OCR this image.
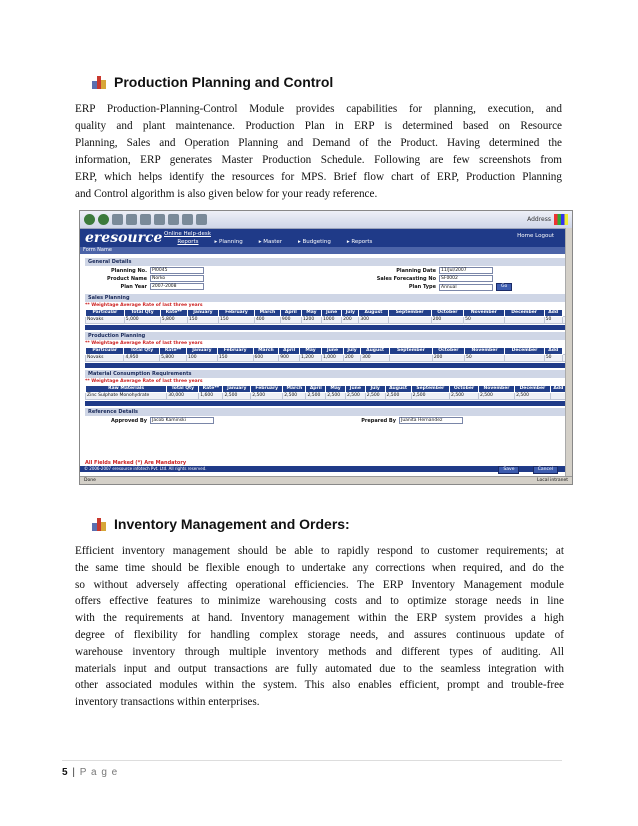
Production Planning and Control
ERP Production-Planning-Control Module provides capabilities for planning, execution, and
quality and plant maintenance. Production Plan in ERP is determined based on Resource
Planning, Sales and Operation Planning and Demand of the Product. Having determined the
information, ERP generates Master Production Schedule. Following are few screenshots from
ERP, which helps identify the resources for MPS. Brief flow chart of ERP, Production Planning
and Control algorithm is also given below for your ready reference.
Address
eresource Online Help-desk
Reports	▸ Planning	▸ Master	▸ Budgeting	▸ Reports
Home Logout
Form Name
General Details
Planning No.	PI0045
Product Name	Norko
Plan Year	2007-2008
Planning Date	11/Jul/2007
Sales Forecasting No	SF0002
Plan Type	Annual	Go
Sales Planning
** Weightage Average Rate of last three years
Particular	Total Qty	Rate**	January	February	March	April	May	June	July	August	September	October	November	December	Add	
Novaks	5,000	5,800	150	150	400	900	1200	1000	200	300		200	50		50	
Production Planning
** Weightage Average Rate of last three years
Particular	Total Qty	Rate**	January	February	March	April	May	June	July	August	September	October	November	December	Add	
Novaks	4,950	5,800	100	150	600	900	1,200	1,000	200	300		200	50		50	
Material Consumption Requirements
** Weightage Average Rate of last three years
Raw Materials	Total Qty	Rate**	January	February	March	April	May	June	July	August	September	October	November	December	Add
Zinc Sulphate Monohydrate	30,000	1,600	2,500	2,500	2,500	2,500	2,500	2,500	2,500	2,500	2,500	2,500	2,500	2,500	
Reference Details
Approved By	Jacob Kaminski	Prepared By	Juanita Hernandez
All Fields Marked (*) Are Mandatory
© 2006-2007 eresource infotech Pvt. Ltd. All rights reserved.	Save	Cancel
Done	Local intranet
Inventory Management and Orders:
Efficient inventory management should be able to rapidly respond to customer requirements; at
the same time should be flexible enough to undertake any corrections when required, and do the
so without adversely affecting operational efficiencies. The ERP Inventory Management module
offers effective features to minimize warehousing costs and to optimize storage needs in line
with the requirements at hand. Inventory management within the ERP system provides a high
degree of flexibility for handling complex storage needs, and assures continuous update of
warehouse inventory through multiple inventory methods and different types of auditing. All
materials input and output transactions are fully automated due to the seamless integration with
other associated modules within the system. This also enables efficient, prompt and trouble-free
inventory transactions within enterprises.
5 | P a g e
